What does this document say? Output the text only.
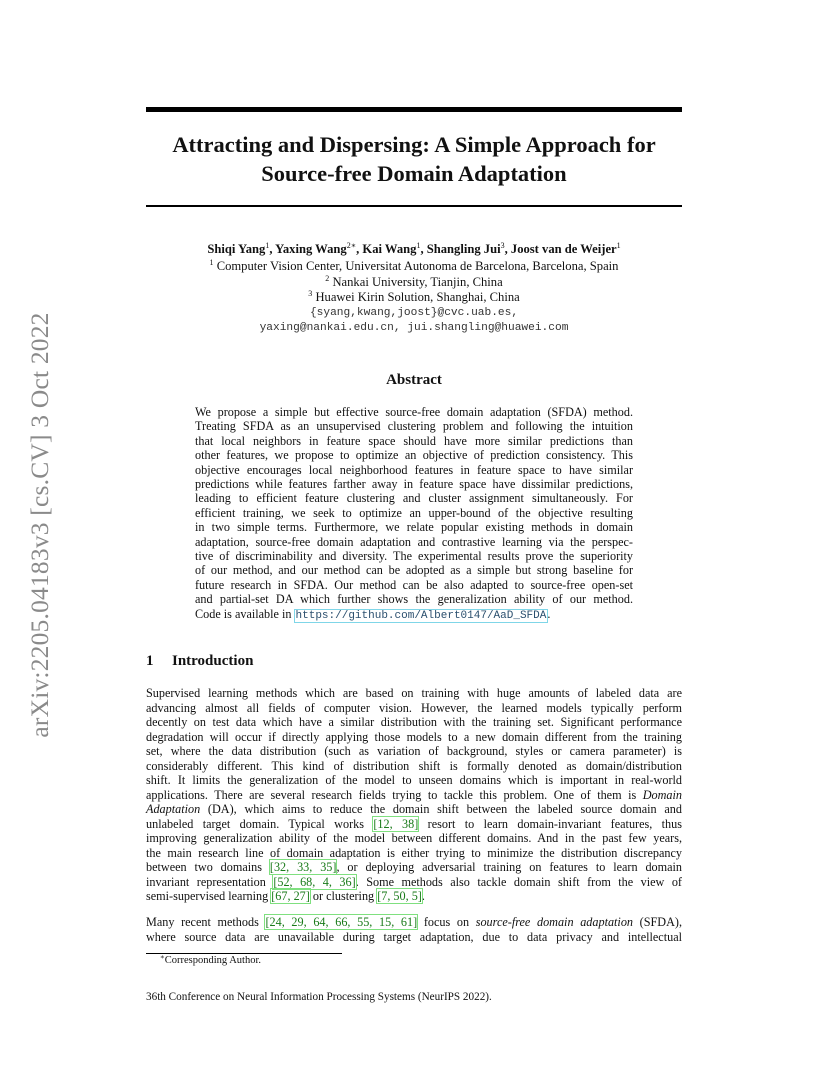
arXiv:2205.04183v3 [cs.CV] 3 Oct 2022
Attracting and Dispersing: A Simple Approach for
Source-free Domain Adaptation
Shiqi Yang$^1$, Yaxing Wang$^{2∗}$, Kai Wang$^1$, Shangling Jui$^3$, Joost van de Weijer$^1$
$^1$ Computer Vision Center, Universitat Autonoma de Barcelona, Barcelona, Spain
$^2$ Nankai University, Tianjin, China
$^3$ Huawei Kirin Solution, Shanghai, China
{syang,kwang,joost}@cvc.uab.es,
yaxing@nankai.edu.cn, jui.shangling@huawei.com
Abstract
We propose a simple but effective source-free domain adaptation (SFDA) method.
Treating SFDA as an unsupervised clustering problem and following the intuition
that local neighbors in feature space should have more similar predictions than
other features, we propose to optimize an objective of prediction consistency. This
objective encourages local neighborhood features in feature space to have similar
predictions while features farther away in feature space have dissimilar predictions,
leading to efficient feature clustering and cluster assignment simultaneously. For
efficient training, we seek to optimize an upper-bound of the objective resulting
in two simple terms. Furthermore, we relate popular existing methods in domain
adaptation, source-free domain adaptation and contrastive learning via the perspec-
tive of discriminability and diversity. The experimental results prove the superiority
of our method, and our method can be adopted as a simple but strong baseline for
future research in SFDA. Our method can be also adapted to source-free open-set
and partial-set DA which further shows the generalization ability of our method.
Code is available in https://github.com/Albert0147/AaD_SFDA.
1 Introduction
Supervised learning methods which are based on training with huge amounts of labeled data are
advancing almost all fields of computer vision. However, the learned models typically perform
decently on test data which have a similar distribution with the training set. Significant performance
degradation will occur if directly applying those models to a new domain different from the training
set, where the data distribution (such as variation of background, styles or camera parameter) is
considerably different. This kind of distribution shift is formally denoted as domain/distribution
shift. It limits the generalization of the model to unseen domains which is important in real-world
applications. There are several research fields trying to tackle this problem. One of them is Domain
Adaptation (DA), which aims to reduce the domain shift between the labeled source domain and
unlabeled target domain. Typical works [12, 38] resort to learn domain-invariant features, thus
improving generalization ability of the model between different domains. And in the past few years,
the main research line of domain adaptation is either trying to minimize the distribution discrepancy
between two domains [32, 33, 35], or deploying adversarial training on features to learn domain
invariant representation [52, 68, 4, 36]. Some methods also tackle domain shift from the view of
semi-supervised learning [67, 27] or clustering [7, 50, 5].
Many recent methods [24, 29, 64, 66, 55, 15, 61] focus on source-free domain adaptation (SFDA),
where source data are unavailable during target adaptation, due to data privacy and intellectual
∗Corresponding Author.
36th Conference on Neural Information Processing Systems (NeurIPS 2022).
